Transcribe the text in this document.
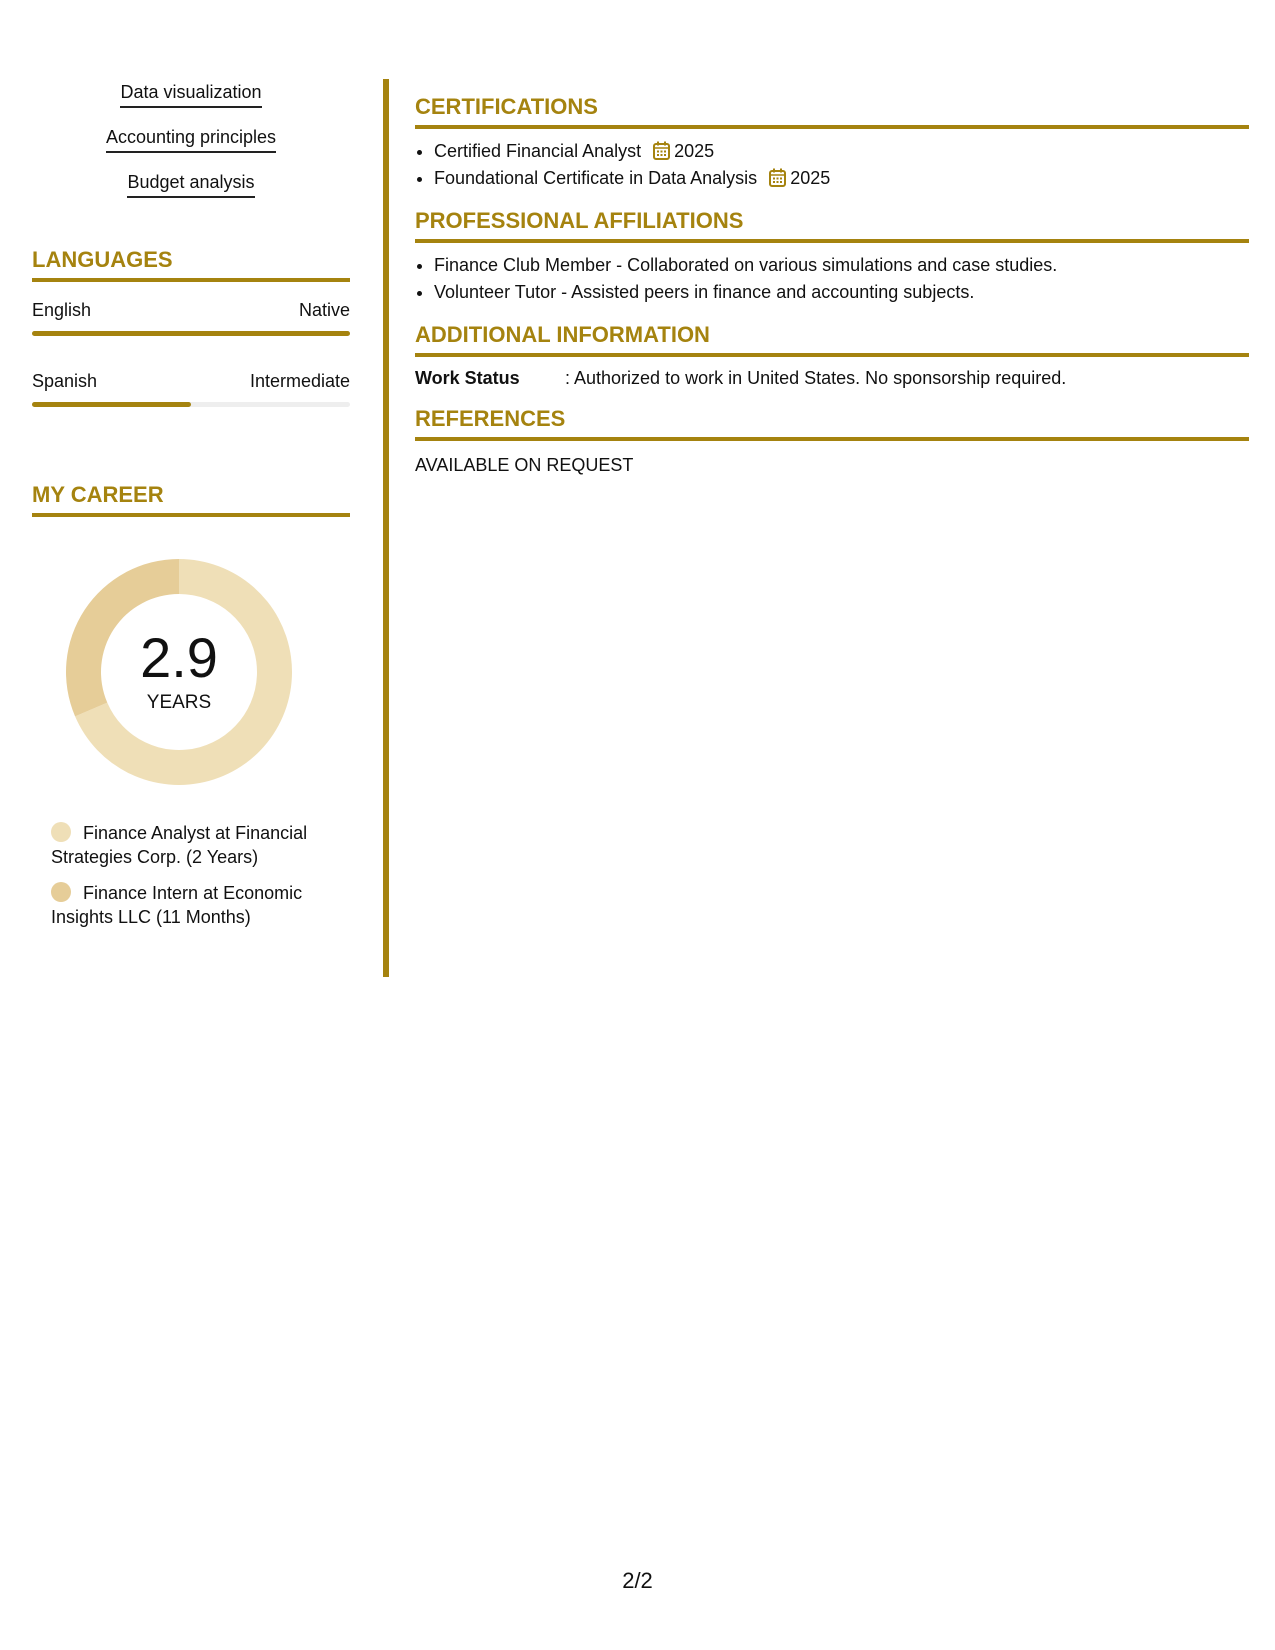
Data visualization
Accounting principles
Budget analysis
LANGUAGES
English	Native
Spanish	Intermediate
MY CAREER
2.9
YEARS
Finance Analyst at Financial Strategies Corp. (2 Years)
Finance Intern at Economic Insights LLC (11 Months)
CERTIFICATIONS
• Certified Financial Analyst 2025
• Foundational Certificate in Data Analysis 2025
PROFESSIONAL AFFILIATIONS
• Finance Club Member - Collaborated on various simulations and case studies.
• Volunteer Tutor - Assisted peers in finance and accounting subjects.
ADDITIONAL INFORMATION
Work Status	: Authorized to work in United States. No sponsorship required.
REFERENCES
AVAILABLE ON REQUEST
2/2
